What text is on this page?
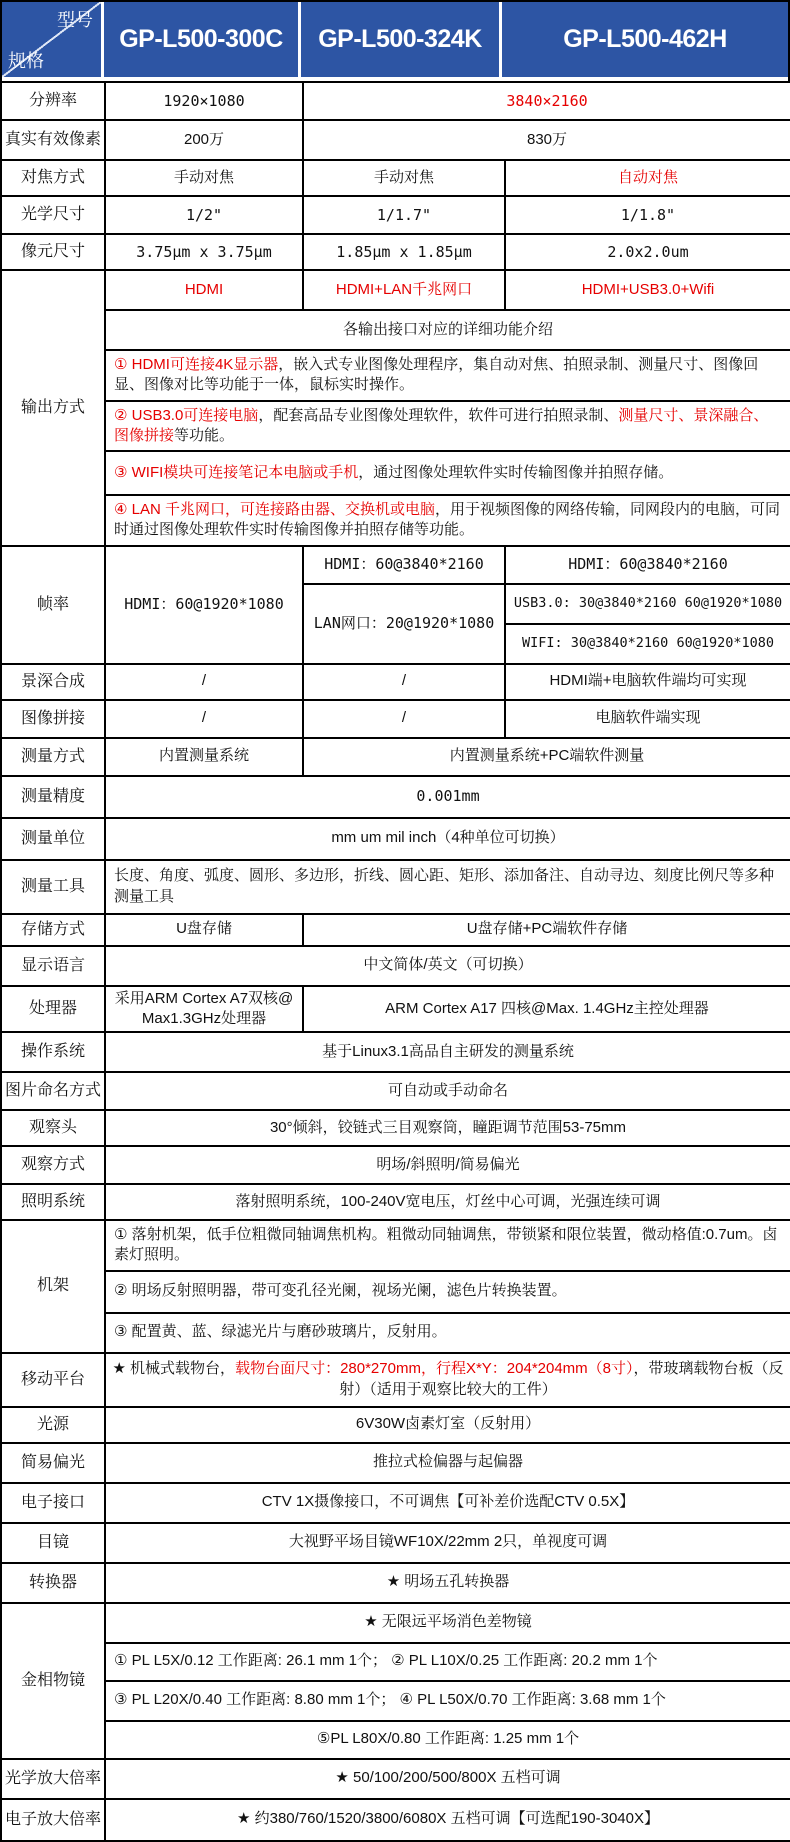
型号
规格
GP-L500-300C GP-L500-324K	GP-L500-462H
分辨率	1920×1080	3840×2160	
真实有效像素	200万	830万	
对焦方式	手动对焦	手动对焦	自动对焦
光学尺寸	1/2"	1/1.7"	1/1.8"
像元尺寸	3.75μm x 3.75μm	1.85μm x 1.85μm	2.0x2.0um
输出方式	HDMI	HDMI+LAN千兆网口	HDMI+USB3.0+Wifi
	各输出接口对应的详细功能介绍		
	① HDMI可连接4K显示器，嵌入式专业图像处理程序，集自动对焦、拍照录制、测量尺寸、图像回显、图像对比等功能于一体，鼠标实时操作。		
	② USB3.0可连接电脑，配套高品专业图像处理软件，软件可进行拍照录制、测量尺寸、景深融合、图像拼接等功能。		
	③ WIFI模块可连接笔记本电脑或手机，通过图像处理软件实时传输图像并拍照存储。		
	④ LAN 千兆网口，可连接路由器、交换机或电脑，用于视频图像的网络传输，同网段内的电脑，可同时通过图像处理软件实时传输图像并拍照存储等功能。		
帧率	HDMI：60@1920*1080	HDMI：60@3840*2160	HDMI：60@3840*2160
		LAN网口：20@1920*1080	USB3.0: 30@3840*2160 60@1920*1080
			WIFI: 30@3840*2160 60@1920*1080
景深合成	/	/	HDMI端+电脑软件端均可实现
图像拼接	/	/	电脑软件端实现
测量方式	内置测量系统	内置测量系统+PC端软件测量	
测量精度	0.001mm		
测量单位	mm um mil inch（4种单位可切换）		
测量工具	长度、角度、弧度、圆形、多边形，折线、圆心距、矩形、添加备注、自动寻边、刻度比例尺等多种测量工具		
存储方式	U盘存储	U盘存储+PC端软件存储	
显示语言	中文简体/英文（可切换）		
处理器	采用ARM Cortex A7双核@Max1.3GHz处理器	ARM Cortex A17 四核@Max. 1.4GHz主控处理器	
操作系统	基于Linux3.1高品自主研发的测量系统		
图片命名方式	可自动或手动命名		
观察头	30°倾斜，铰链式三目观察筒，瞳距调节范围53-75mm		
观察方式	明场/斜照明/简易偏光		
照明系统	落射照明系统，100-240V宽电压，灯丝中心可调，光强连续可调		
机架	① 落射机架，低手位粗微同轴调焦机构。粗微动同轴调焦，带锁紧和限位装置，微动格值:0.7um。卤素灯照明。		
	② 明场反射照明器，带可变孔径光阑，视场光阑，滤色片转换装置。		
	③ 配置黄、蓝、绿滤光片与磨砂玻璃片，反射用。		
移动平台	★ 机械式载物台，载物台面尺寸：280*270mm，行程X*Y：204*204mm（8寸），带玻璃载物台板（反射）（适用于观察比较大的工件）		
光源	6V30W卤素灯室（反射用）		
简易偏光	推拉式检偏器与起偏器		
电子接口	CTV 1X摄像接口，不可调焦【可补差价选配CTV 0.5X】		
目镜	大视野平场目镜WF10X/22mm 2只，单视度可调		
转换器	★ 明场五孔转换器		
金相物镜	★ 无限远平场消色差物镜		
	① PL L5X/0.12 工作距离: 26.1 mm 1个； ② PL L10X/0.25 工作距离: 20.2 mm 1个		
	③ PL L20X/0.40 工作距离: 8.80 mm 1个； ④ PL L50X/0.70 工作距离: 3.68 mm 1个		
	⑤PL L80X/0.80 工作距离: 1.25 mm 1个		
光学放大倍率	★ 50/100/200/500/800X 五档可调		
电子放大倍率	★ 约380/760/1520/3800/6080X 五档可调【可选配190-3040X】		
